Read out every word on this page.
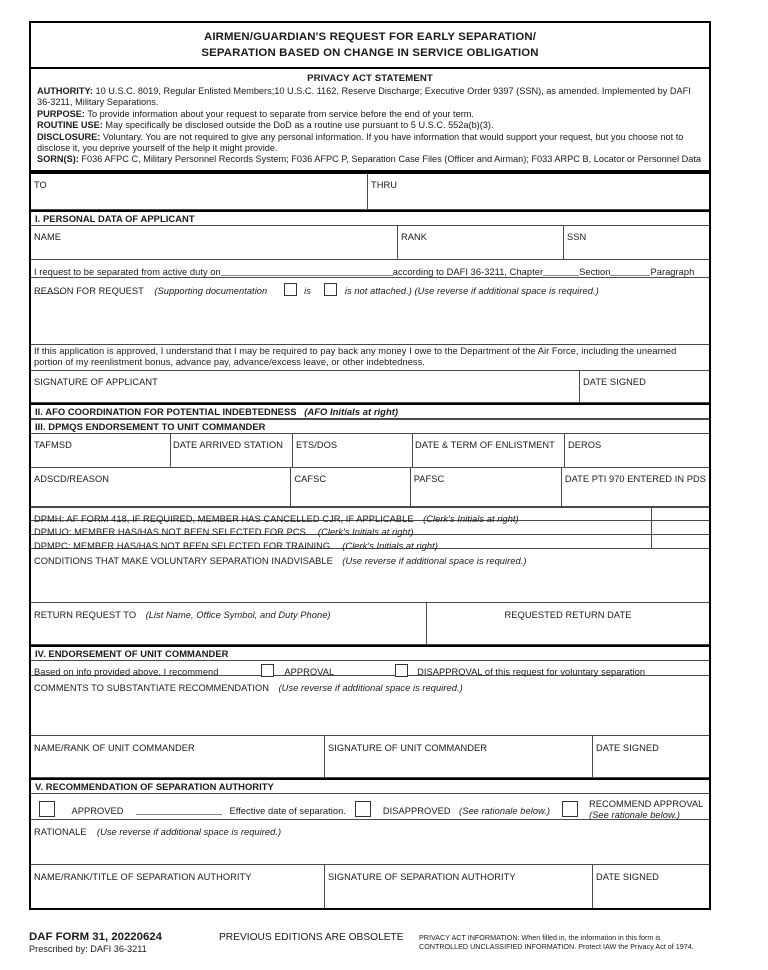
AIRMEN/GUARDIAN'S REQUEST FOR EARLY SEPARATION/
SEPARATION BASED ON CHANGE IN SERVICE OBLIGATION
PRIVACY ACT STATEMENT

AUTHORITY: 10 U.S.C. 8019, Regular Enlisted Members;10 U.S.C. 1162, Reserve Discharge; Executive Order 9397 (SSN), as amended. Implemented by DAFI 36-3211, Military Separations.

PURPOSE: To provide information about your request to separate from service before the end of your term.

ROUTINE USE: May specifically be disclosed outside the DoD as a routine use pursuant to 5 U.S.C. 552a(b)(3).

DISCLOSURE: Voluntary. You are not required to give any personal information. If you have information that would support your request, but you choose not to disclose it, you deprive yourself of the help it might provide.

SORN(S): F036 AFPC C, Military Personnel Records System; F036 AFPC P, Separation Case Files (Officer and Airman); F033 ARPC B, Locator or Personnel Data

TO	THRU
I. PERSONAL DATA OF APPLICANT
NAME	RANK	SSN
I request to be separated from active duty on	according to DAFI 36-3211, Chapter	Section	Paragraph
REASON FOR REQUEST (Supporting documentation	is	is not attached.) (Use reverse if additional space is required.)
If this application is approved, I understand that I may be required to pay back any money I owe to the Department of the Air Force, including the unearned portion of my reenlistment bonus, advance pay, advance/excess leave, or other indebtedness.
SIGNATURE OF APPLICANT	DATE SIGNED
II. AFO COORDINATION FOR POTENTIAL INDEBTEDNESS (AFO Initials at right)
III. DPMQS ENDORSEMENT TO UNIT COMMANDER
TAFMSD	DATE ARRIVED STATION	ETS/DOS	DATE & TERM OF ENLISTMENT	DEROS
ADSCD/REASON	CAFSC	PAFSC	DATE PTI 970 ENTERED IN PDS
DPMH: AF FORM 418, IF REQUIRED, MEMBER HAS CANCELLED CJR, IF APPLICABLE (Clerk's Initials at right)
DPMUO: MEMBER HAS/HAS NOT BEEN SELECTED FOR PCS. (Clerk's Initials at right)
DPMPC: MEMBER HAS/HAS NOT BEEN SELECTED FOR TRAINING. (Clerk's Initials at right)
CONDITIONS THAT MAKE VOLUNTARY SEPARATION INADVISABLE (Use reverse if additional space is required.)
RETURN REQUEST TO (List Name, Office Symbol, and Duty Phone)	REQUESTED RETURN DATE
IV. ENDORSEMENT OF UNIT COMMANDER
Based on info provided above, I recommend	APPROVAL	DISAPPROVAL of this request for voluntary separation
COMMENTS TO SUBSTANTIATE RECOMMENDATION (Use reverse if additional space is required.)
NAME/RANK OF UNIT COMMANDER	SIGNATURE OF UNIT COMMANDER	DATE SIGNED
V. RECOMMENDATION OF SEPARATION AUTHORITY
APPROVED	Effective date of separation.	DISAPPROVED (See rationale below.)
RECOMMEND APPROVAL
(See rationale below.)
RATIONALE (Use reverse if additional space is required.)
NAME/RANK/TITLE OF SEPARATION AUTHORITY	SIGNATURE OF SEPARATION AUTHORITY	DATE SIGNED
DAF FORM 31, 20220624
Prescribed by: DAFI 36-3211
PREVIOUS EDITIONS ARE OBSOLETE	PRIVACY ACT INFORMATION: When filled in, the information in this form is
CONTROLLED UNCLASSIFIED INFORMATION. Protect IAW the Privacy Act of 1974.
